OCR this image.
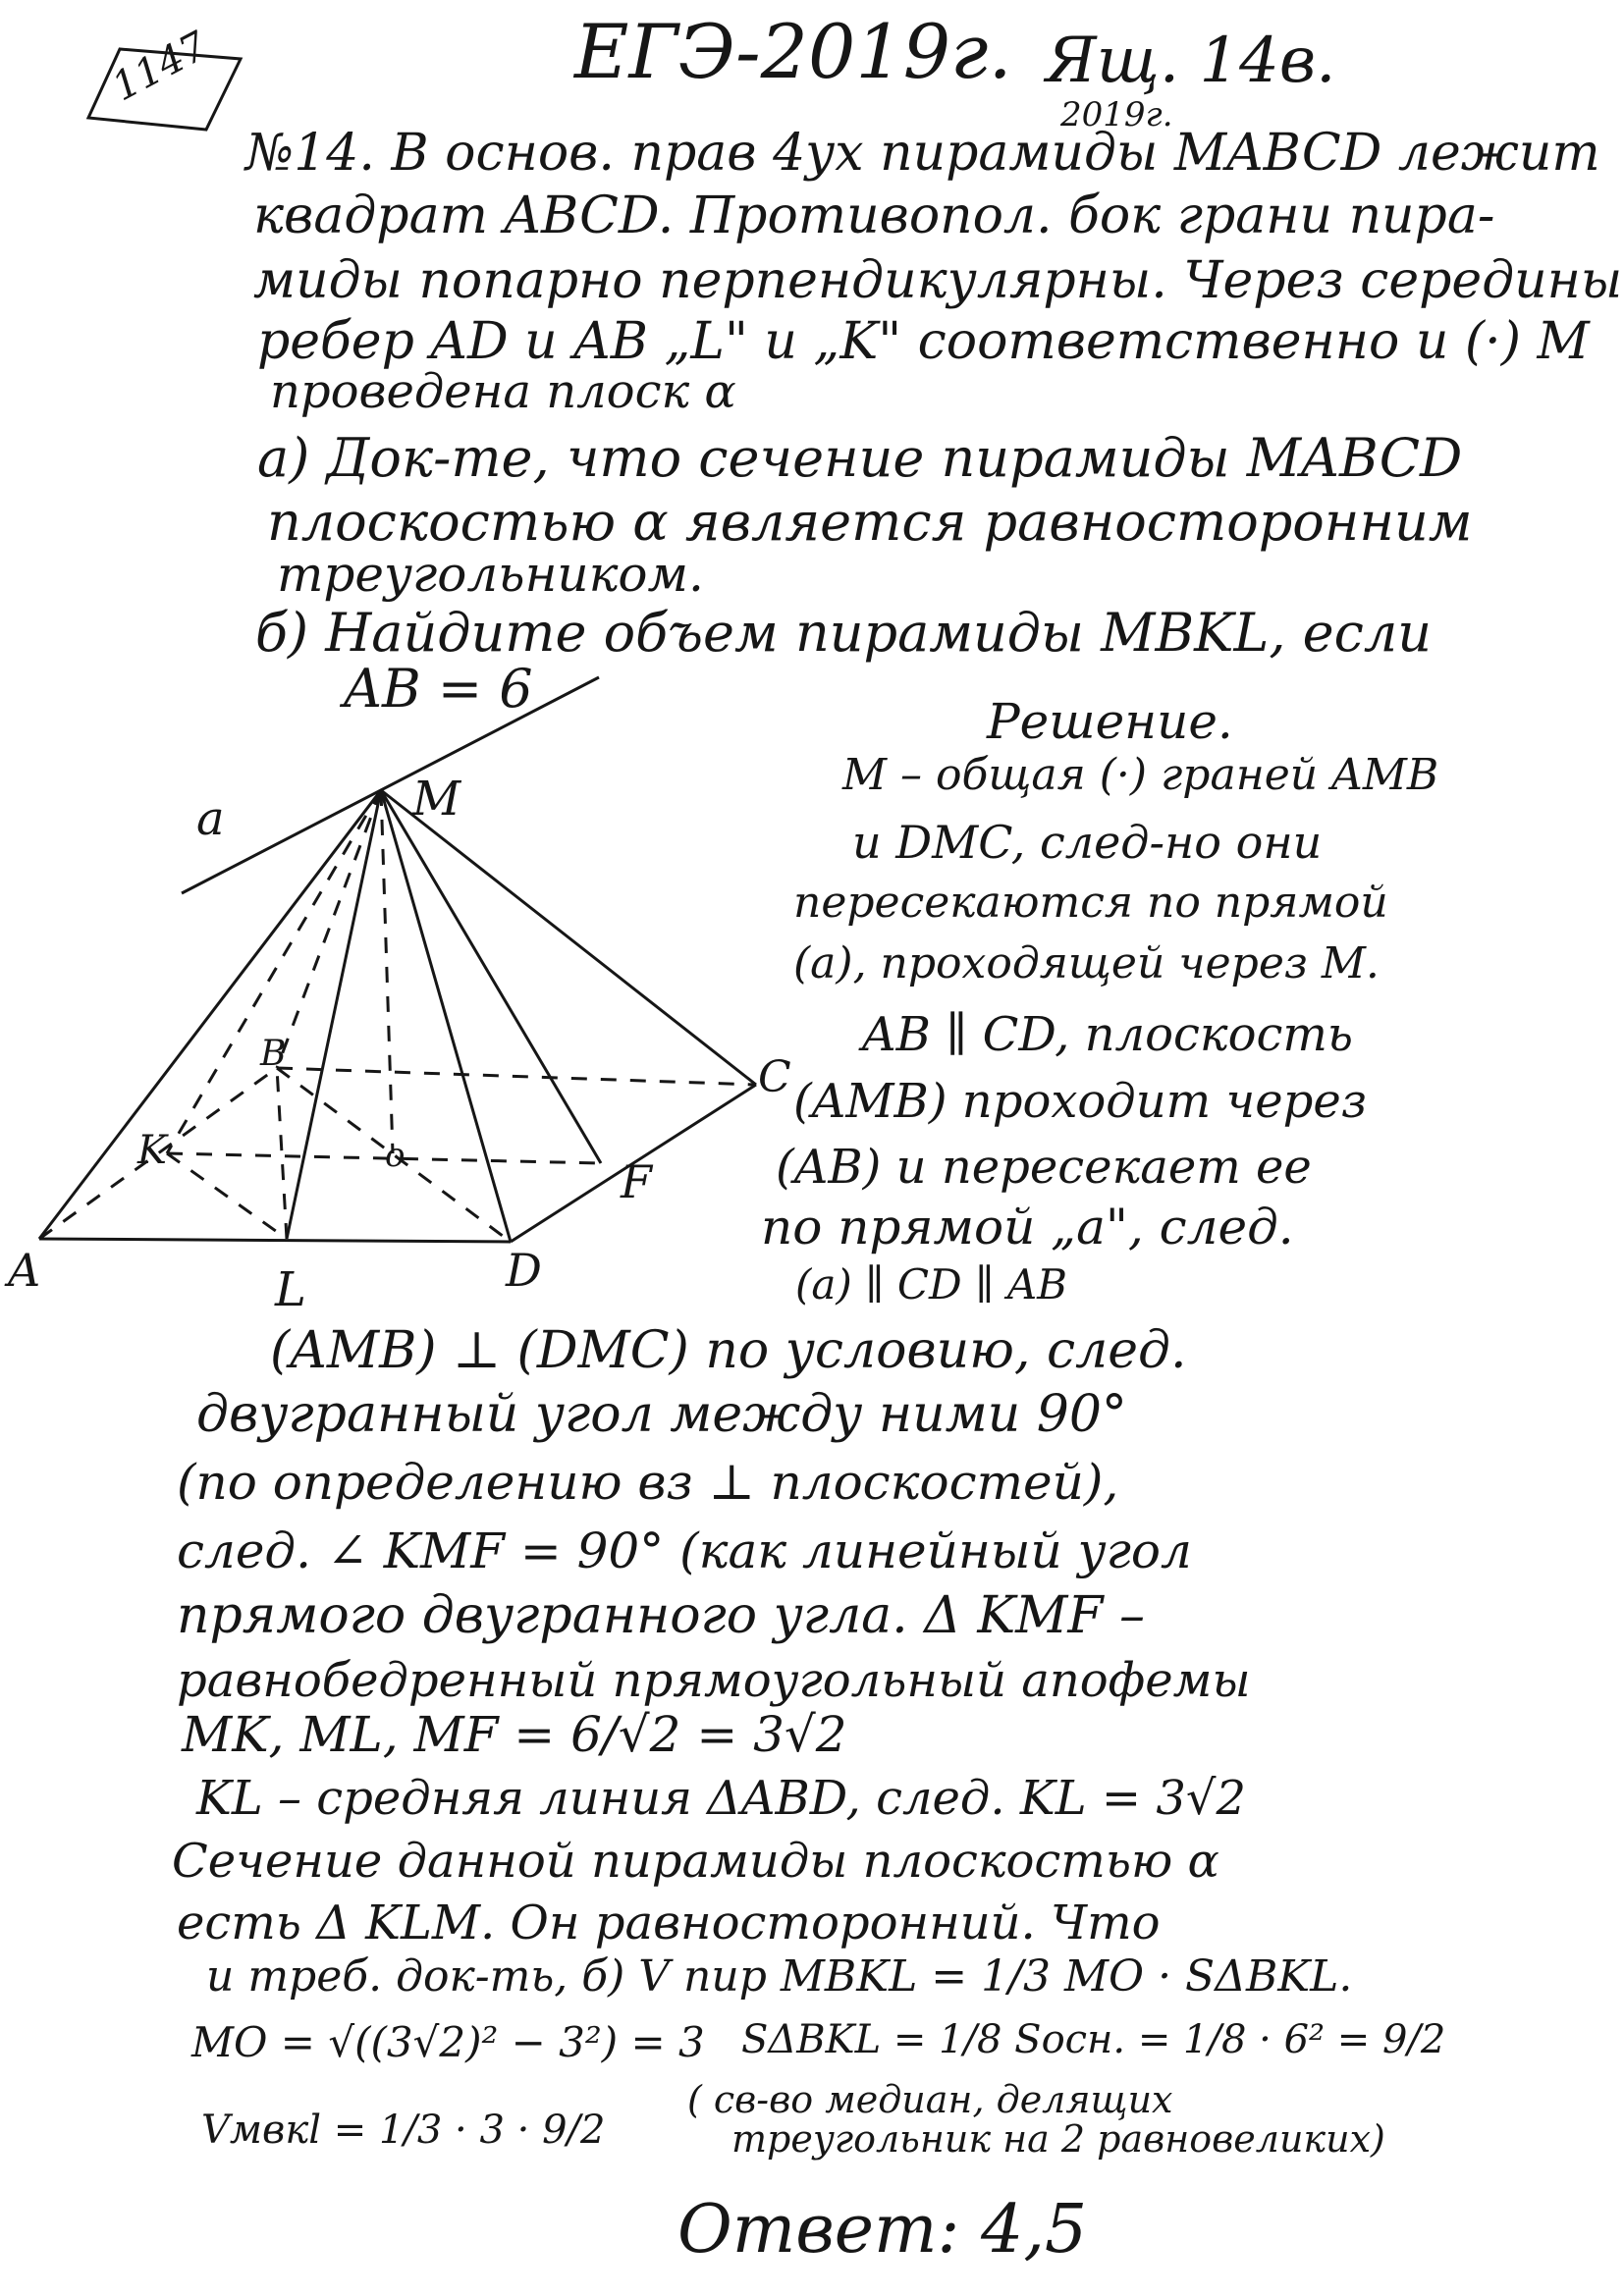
1147	ЕГЭ-2019г. Ящ. 14в.
2019г.
№14. В основ. прав 4ух пирамиды MABCD лежит
квадрат ABCD. Противопол. бок грани пира-
миды попарно перпендикулярны. Через середины
ребер AD и AB „L" и „K" соответственно и (·) M
проведена плоск α
а) Док-те, что сечение пирамиды MABCD
плоскостью α является равносторонним
треугольником.
б) Найдите объем пирамиды MBKL, если
AB = 6
a	M
A
B	C
D
K
L
F
o
Решение.
M – общая (·) граней AMB
и DMC, след-но они
пересекаются по прямой
(a), проходящей через M.
AB ∥ CD, плоскость
(AMB) проходит через
(AB) и пересекает ее
по прямой „a", след.
(a) ∥ CD ∥ AB
(AMB) ⊥ (DMC) по условию, след.
двугранный угол между ними 90°
(по определению вз ⊥ плоскостей),
след. ∠ KMF = 90° (как линейный угол
прямого двугранного угла. Δ KMF –
равнобедренный прямоугольный апофемы
MK, ML, MF = 6/√2 = 3√2
KL – средняя линия ΔABD, след. KL = 3√2
Сечение данной пирамиды плоскостью α
есть Δ KLM. Он равносторонний. Что
и треб. док-ть, б) V пир MBKL = 1/3 MO · SΔBKL.
MO = √((3√2)² − 3²) = 3 SΔBKL = 1/8 Sосн. = 1/8 · 6² = 9/2
( св-во медиан, делящих
треугольник на 2 равновеликих)
Vмвкl = 1/3 · 3 · 9/2
Ответ: 4,5
